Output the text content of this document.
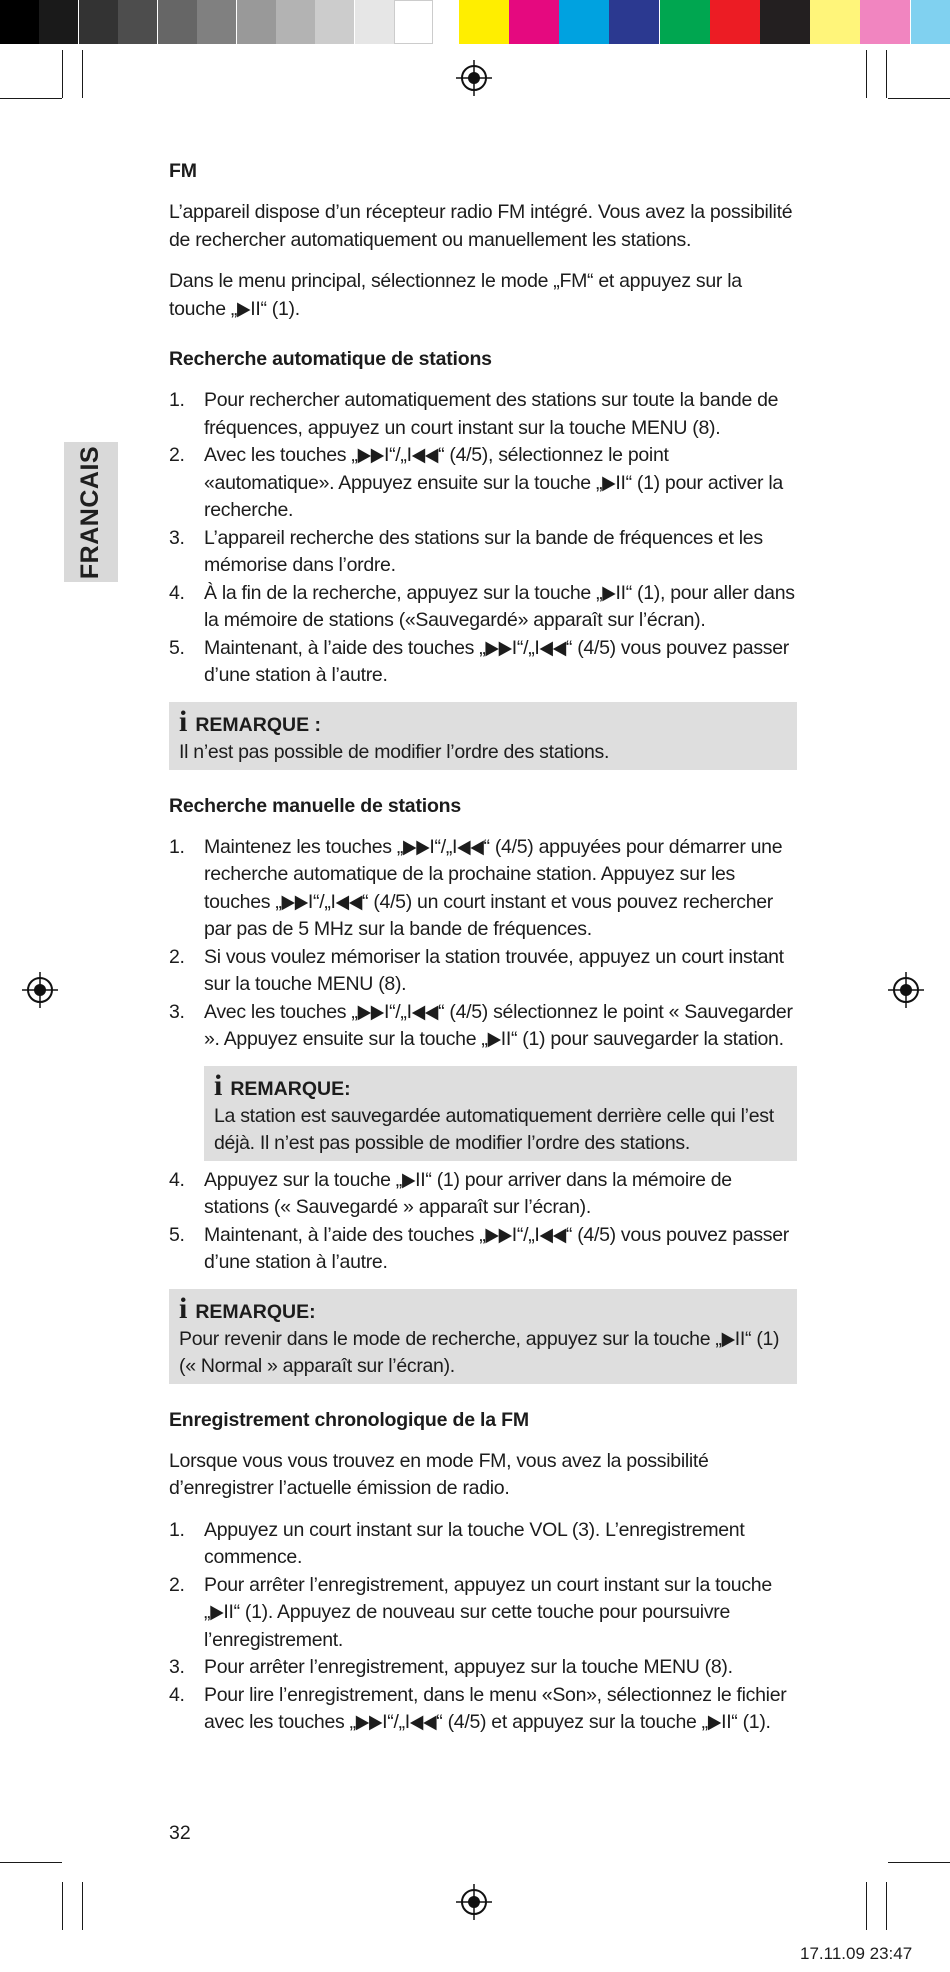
FRANCAIS
FM

L’appareil dispose d’un récepteur radio FM intégré. Vous avez la possibilité de rechercher automatiquement ou manuellement les stations.

Dans le menu principal, sélectionnez le mode „FM“ et appuyez sur la touche „▶II“ (1).

Recherche automatique de stations
1. Pour rechercher automatiquement des stations sur toute la bande de fréquences, appuyez un court instant sur la touche MENU (8).
2. Avec les touches „▶▶I“/„I◀◀“ (4/5), sélectionnez le point «automatique». Appuyez ensuite sur la touche „▶II“ (1) pour activer la recherche.
3. L’appareil recherche des stations sur la bande de fréquences et les mémorise dans l’ordre.
4. À la fin de la recherche, appuyez sur la touche „▶II“ (1), pour aller dans la mémoire de stations («Sauvegardé» apparaît sur l’écran).
5. Maintenant, à l’aide des touches „▶▶I“/„I◀◀“ (4/5) vous pouvez passer d’une station à l’autre.
i REMARQUE :

Il n’est pas possible de modifier l’ordre des stations.

Recherche manuelle de stations
1. Maintenez les touches „▶▶I“/„I◀◀“ (4/5) appuyées pour démarrer une recherche automatique de la prochaine station. Appuyez sur les touches „▶▶I“/„I◀◀“ (4/5) un court instant et vous pouvez rechercher par pas de 5 MHz sur la bande de fréquences.
2. Si vous voulez mémoriser la station trouvée, appuyez un court instant sur la touche MENU (8).
3. Avec les touches „▶▶I“/„I◀◀“ (4/5) sélectionnez le point « Sauvegarder ». Appuyez ensuite sur la touche „▶II“ (1) pour sauvegarder la station.
i REMARQUE:

La station est sauvegardée automatiquement derrière celle qui l’est déjà. Il n’est pas possible de modifier l’ordre des stations.

4. Appuyez sur la touche „▶II“ (1) pour arriver dans la mémoire de stations (« Sauvegardé » apparaît sur l’écran).
5. Maintenant, à l’aide des touches „▶▶I“/„I◀◀“ (4/5) vous pouvez passer d’une station à l’autre.
i REMARQUE:

Pour revenir dans le mode de recherche, appuyez sur la touche „▶II“ (1) (« Normal » apparaît sur l’écran).

Enregistrement chronologique de la FM

Lorsque vous vous trouvez en mode FM, vous avez la possibilité d’enregistrer l’actuelle émission de radio.

1. Appuyez un court instant sur la touche VOL (3). L’enregistrement commence.
2. Pour arrêter l’enregistrement, appuyez un court instant sur la touche „▶II“ (1). Appuyez de nouveau sur cette touche pour poursuivre l’enregistrement.
3. Pour arrêter l’enregistrement, appuyez sur la touche MENU (8).
4. Pour lire l’enregistrement, dans le menu «Son», sélectionnez le fichier avec les touches „▶▶I“/„I◀◀“ (4/5) et appuyez sur la touche „▶II“ (1).
32
17.11.09 23:47
